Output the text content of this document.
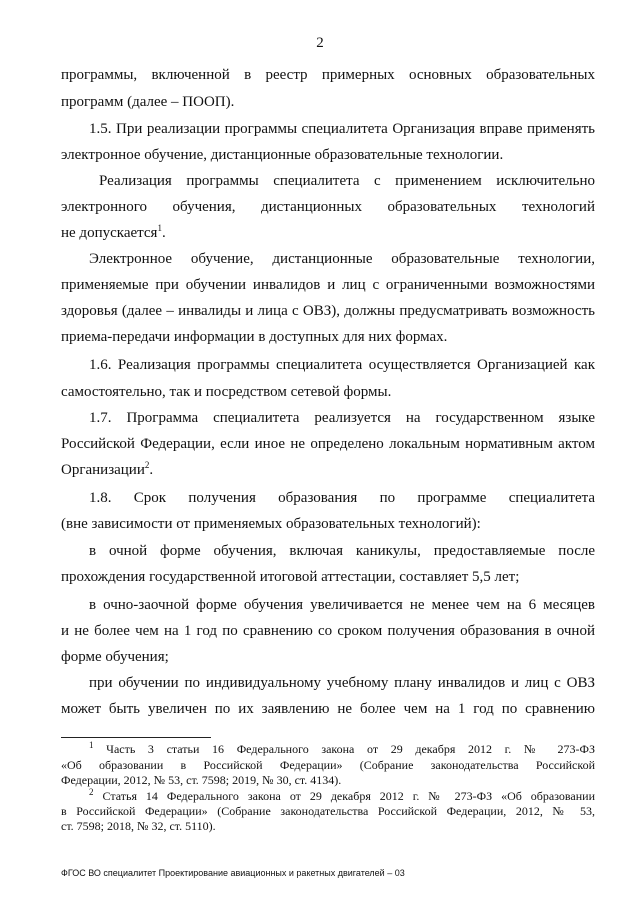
2
программы, включенной в реестр примерных основных образовательных
программ (далее – ПООП).
1.5. При реализации программы специалитета Организация вправе применять
электронное обучение, дистанционные образовательные технологии.
Реализация программы специалитета с применением исключительно
электронного обучения, дистанционных образовательных технологий
не допускается$^1$.
Электронное обучение, дистанционные образовательные технологии,
применяемые при обучении инвалидов и лиц с ограниченными возможностями
здоровья (далее – инвалиды и лица с ОВЗ), должны предусматривать возможность
приема-передачи информации в доступных для них формах.
1.6. Реализация программы специалитета осуществляется Организацией как
самостоятельно, так и посредством сетевой формы.
1.7. Программа специалитета реализуется на государственном языке
Российской Федерации, если иное не определено локальным нормативным актом
Организации$^2$.
1.8. Срок получения образования по программе специалитета
(вне зависимости от применяемых образовательных технологий):
в очной форме обучения, включая каникулы, предоставляемые после
прохождения государственной итоговой аттестации, составляет 5,5 лет;
в очно-заочной форме обучения увеличивается не менее чем на 6 месяцев
и не более чем на 1 год по сравнению со сроком получения образования в очной
форме обучения;
при обучении по индивидуальному учебному плану инвалидов и лиц с ОВЗ
может быть увеличен по их заявлению не более чем на 1 год по сравнению
$^1$ Часть 3 статьи 16 Федерального закона от 29 декабря 2012 г. № 273-ФЗ
«Об образовании в Российской Федерации» (Собрание законодательства Российской
Федерации, 2012, № 53, ст. 7598; 2019, № 30, ст. 4134).
$^2$ Статья 14 Федерального закона от 29 декабря 2012 г. № 273-ФЗ «Об образовании
в Российской Федерации» (Собрание законодательства Российской Федерации, 2012, № 53,
ст. 7598; 2018, № 32, ст. 5110).
ФГОС ВО специалитет Проектирование авиационных и ракетных двигателей – 03
